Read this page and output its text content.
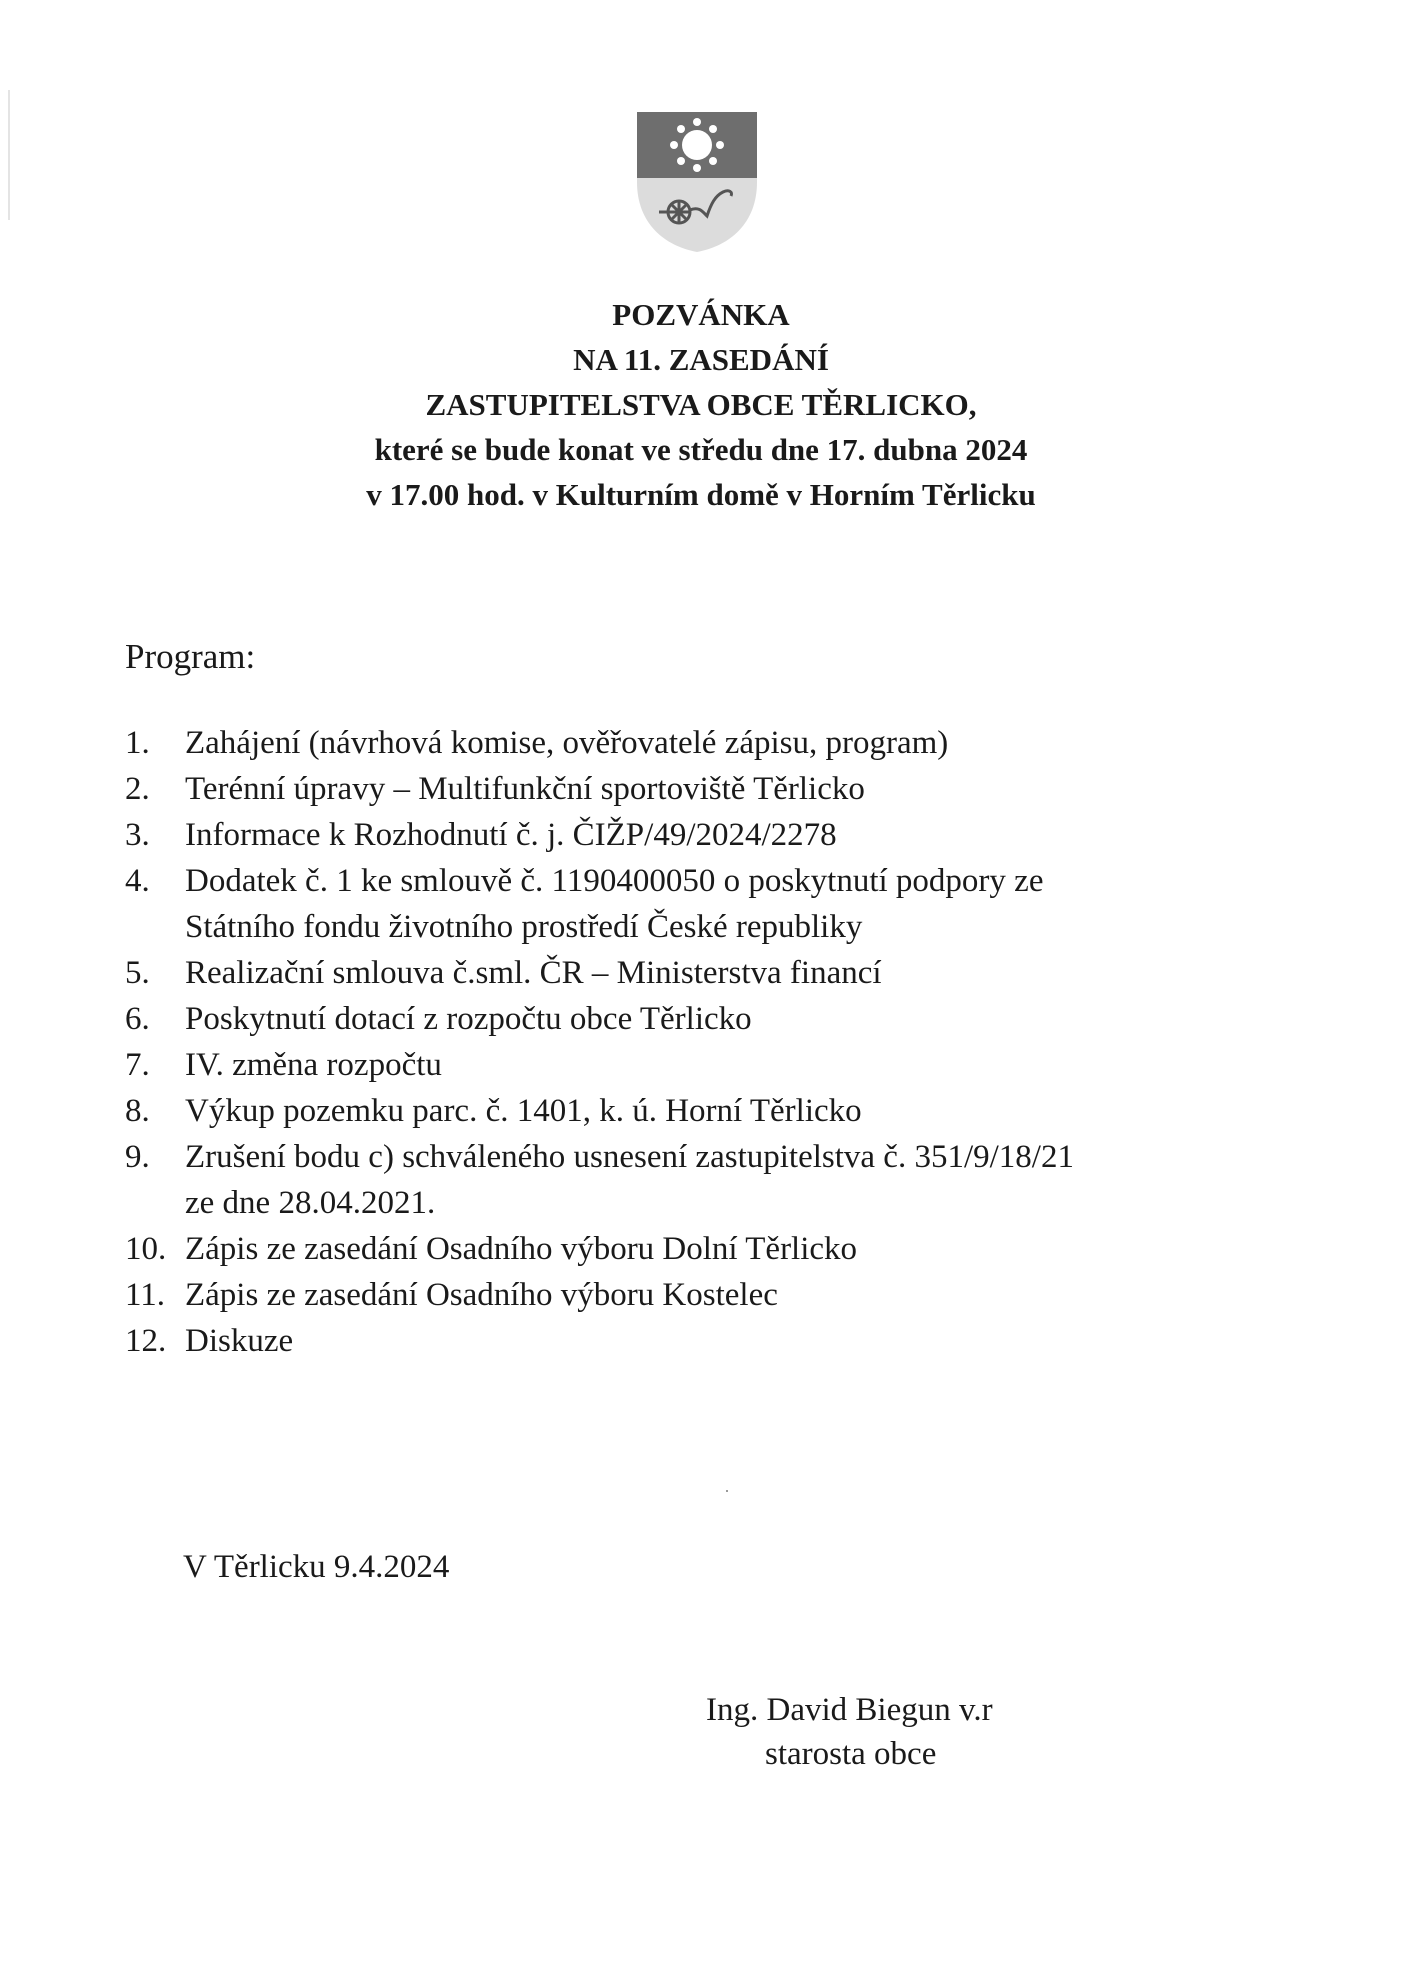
POZVÁNKA
NA 11. ZASEDÁNÍ
ZASTUPITELSTVA OBCE TĚRLICKO,
které se bude konat ve středu dne 17. dubna 2024
v 17.00 hod. v Kulturním domě v Horním Těrlicku
Program:
1. Zahájení (návrhová komise, ověřovatelé zápisu, program)
2. Terénní úpravy – Multifunkční sportoviště Těrlicko
3. Informace k Rozhodnutí č. j. ČIŽP/49/2024/2278
4. Dodatek č. 1 ke smlouvě č. 1190400050 o poskytnutí podpory ze
Státního fondu životního prostředí České republiky
5. Realizační smlouva č.sml. ČR – Ministerstva financí
6. Poskytnutí dotací z rozpočtu obce Těrlicko
7. IV. změna rozpočtu
8. Výkup pozemku parc. č. 1401, k. ú. Horní Těrlicko
9. Zrušení bodu c) schváleného usnesení zastupitelstva č. 351/9/18/21
ze dne 28.04.2021.
10. Zápis ze zasedání Osadního výboru Dolní Těrlicko
11. Zápis ze zasedání Osadního výboru Kostelec
12. Diskuze
V Těrlicku 9.4.2024
Ing. David Biegun v.r
starosta obce
